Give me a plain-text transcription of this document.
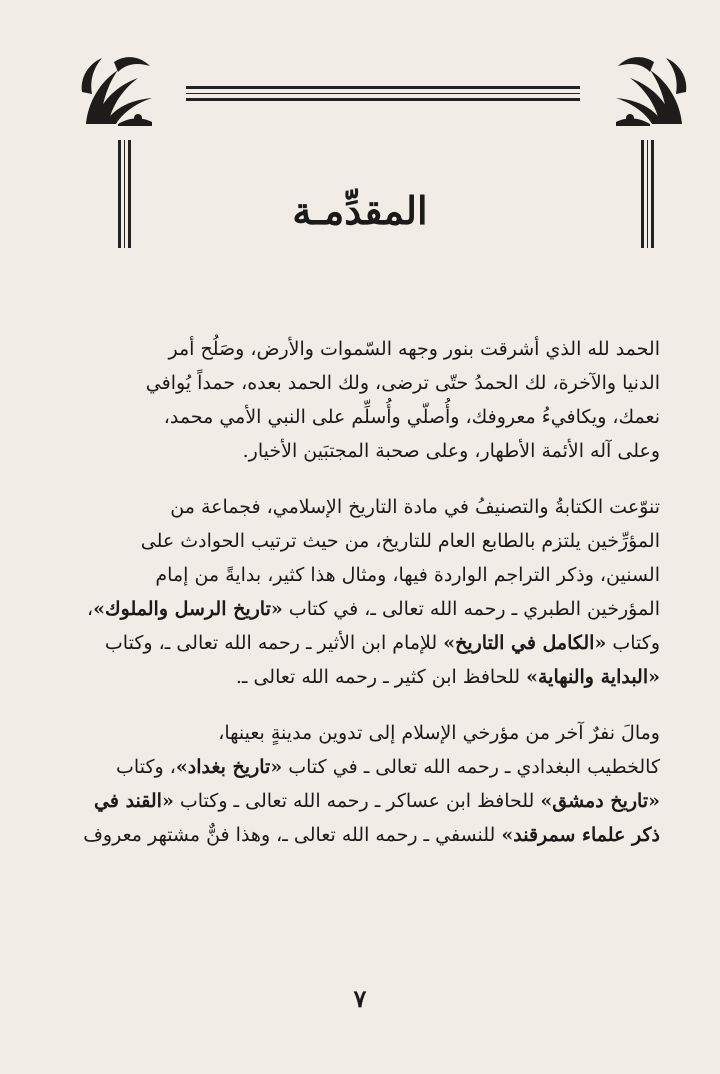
المقدِّمـة
الحمد لله الذي أشرقت بنور وجهه السّموات والأرض، وصَلُح أمر
الدنيا والآخرة، لك الحمدُ حتّى ترضى، ولك الحمد بعده، حمداً يُوافي
نعمك، ويكافيءُ معروفك، وأُصلّي وأُسلِّم على النبي الأمي محمد،
وعلى آله الأئمة الأطهار، وعلى صحبة المجتبَين الأخيار.
تنوّعت الكتابةُ والتصنيفُ في مادة التاريخ الإسلامي، فجماعة من
المؤرِّخين يلتزم بالطابع العام للتاريخ، من حيث ترتيب الحوادث على
السنين، وذكر التراجم الواردة فيها، ومثال هذا كثير، بدايةً من إمام
المؤرخين الطبري ـ رحمه الله تعالى ـ، في كتاب «تاريخ الرسل والملوك»،
وكتاب «الكامل في التاريخ» للإمام ابن الأثير ـ رحمه الله تعالى ـ، وكتاب
«البداية والنهاية» للحافظ ابن كثير ـ رحمه الله تعالى ـ.
ومالَ نفرٌ آخر من مؤرخي الإسلام إلى تدوين مدينةٍ بعينها،
كالخطيب البغدادي ـ رحمه الله تعالى ـ في كتاب «تاريخ بغداد»، وكتاب
«تاريخ دمشق» للحافظ ابن عساكر ـ رحمه الله تعالى ـ وكتاب «القند في
ذكر علماء سمرقند» للنسفي ـ رحمه الله تعالى ـ، وهذا فنٌّ مشتهر معروف
٧
